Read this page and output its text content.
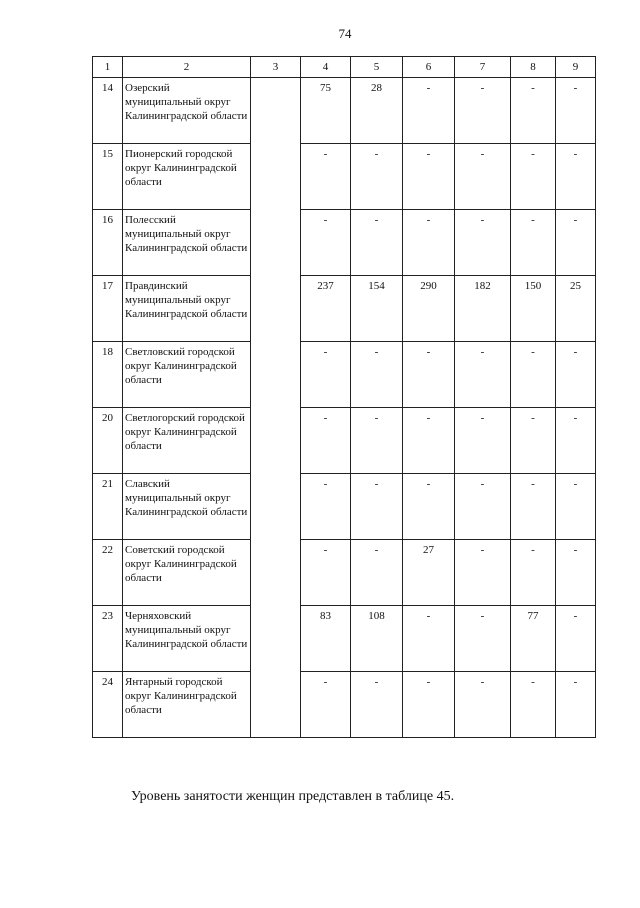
74
1	2	3	4	5	6	7	8	9
14	Озерский муниципальный округ Калининградской области		75	28	-	-	-	-
15	Пионерский городской округ Калининградской области		-	-	-	-	-	-
16	Полесский муниципальный округ Калининградской области		-	-	-	-	-	-
17	Правдинский муниципальный округ Калининградской области		237	154	290	182	150	25
18	Светловский городской округ Калининградской области		-	-	-	-	-	-
20	Светлогорский городской округ Калининградской области		-	-	-	-	-	-
21	Славский муниципальный округ Калининградской области		-	-	-	-	-	-
22	Советский городской округ Калининградской области		-	-	27	-	-	-
23	Черняховский муниципальный округ Калининградской области		83	108	-	-	77	-
24	Янтарный городской округ Калининградской области		-	-	-	-	-	-
Уровень занятости женщин представлен в таблице 45.
